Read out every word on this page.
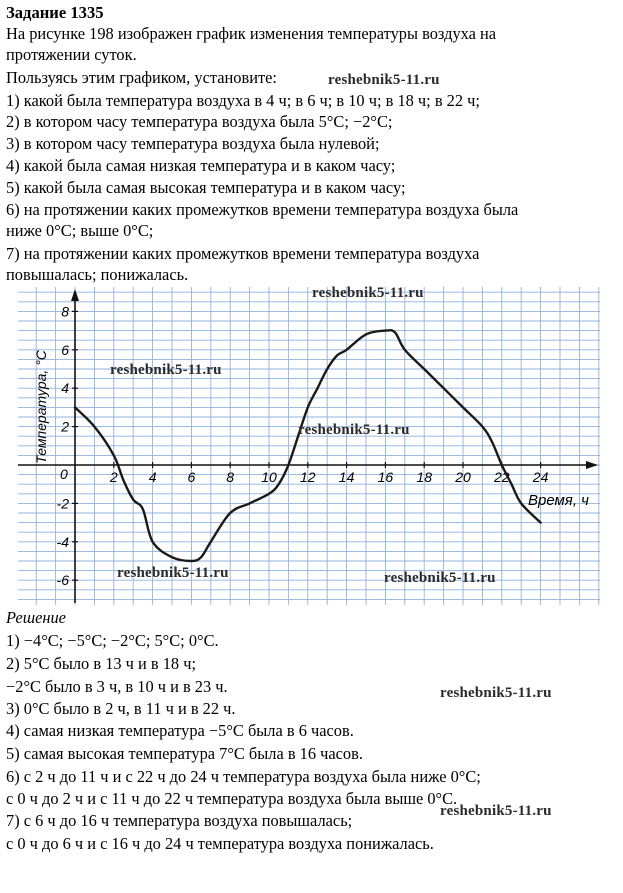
Задание 1335
На рисунке 198 изображен график изменения температуры воздуха на
протяжении суток.
Пользуясь этим графиком, установите:
1) какой была температура воздуха в 4 ч; в 6 ч; в 10 ч; в 18 ч; в 22 ч;
2) в котором часу температура воздуха была 5°С; −2°С;
3) в котором часу температура воздуха была нулевой;
4) какой была самая низкая температура и в каком часу;
5) какой была самая высокая температура и в каком часу;
6) на протяжении каких промежутков времени температура воздуха была
ниже 0°С; выше 0°С;
7) на протяжении каких промежутков времени температура воздуха
повышалась; понижалась.
2 4 6 8 10 12 14 16 18 20 22 24
8
6
4
2
-2
-4
-6
Температура, °С
Время, ч
0
reshebnik5-11.ru
reshebnik5-11.ru
reshebnik5-11.ru
reshebnik5-11.ru
reshebnik5-11.ru	reshebnik5-11.ru
reshebnik5-11.ru
reshebnik5-11.ru
Решение
1) −4°С; −5°С; −2°С; 5°С; 0°С.
2) 5°С было в 13 ч и в 18 ч;
−2°С было в 3 ч, в 10 ч и в 23 ч.
3) 0°С было в 2 ч, в 11 ч и в 22 ч.
4) самая низкая температура −5°С была в 6 часов.
5) самая высокая температура 7°С была в 16 часов.
6) с 2 ч до 11 ч и с 22 ч до 24 ч температура воздуха была ниже 0°С;
с 0 ч до 2 ч и с 11 ч до 22 ч температура воздуха была выше 0°С.
7) с 6 ч до 16 ч температура воздуха повышалась;
с 0 ч до 6 ч и с 16 ч до 24 ч температура воздуха понижалась.
